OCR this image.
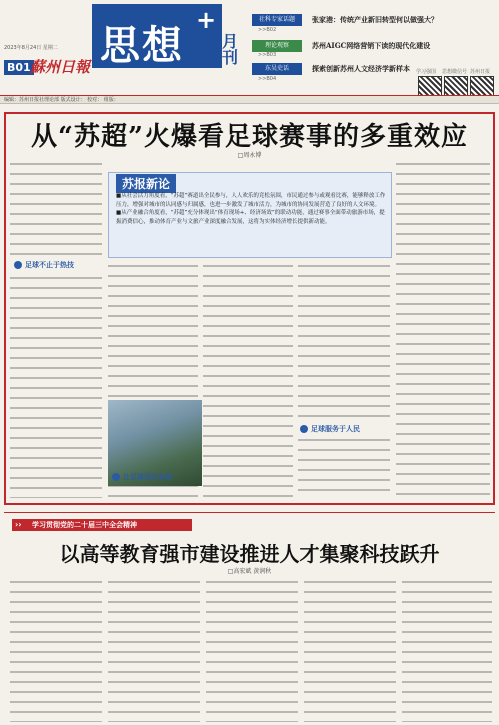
2023年8月24日 星期二
B01 蘇州日報 思想
+
月刊
社科专家话题
>>B02
张家港：传统产业新旧转型何以做强大？
理论观察
>>B03
苏州AIGC网络营销下读的现代化建设
东吴史话
>>B04
探索创新苏州人文经济学新样本 学习强国 思想微信号 苏州日报
编辑：苏州日报社理论部 版式设计： 校对： 组版：
从“苏超”火爆看足球赛事的多重效应
□周永博
足球不止于热技
苏报新论
■从社会活力角度看，“苏超”赛道出全民参与，人人欢乐的竞松氛围，市民通过参与或观看比赛，能够释放工作压力，增强对城市的认同感与归属感，也进一步激发了城市活力，为城市的协同发展营造了良好的人文环境。
■从产业融合角度看，“苏超”充分体现出“体育现场+、经济场效”的联动功能，通过赛事全面带动旅游市场，提振消费信心，推动体育产业与文旅产业深度融合发展，这将为实体经济增长提供新动能。
足球服务于人民
让足球回归本质
学习贯彻党的二十届三中全会精神
››
以高等教育强市建设推进人才集聚科技跃升
□高宏斌 黄润秋
